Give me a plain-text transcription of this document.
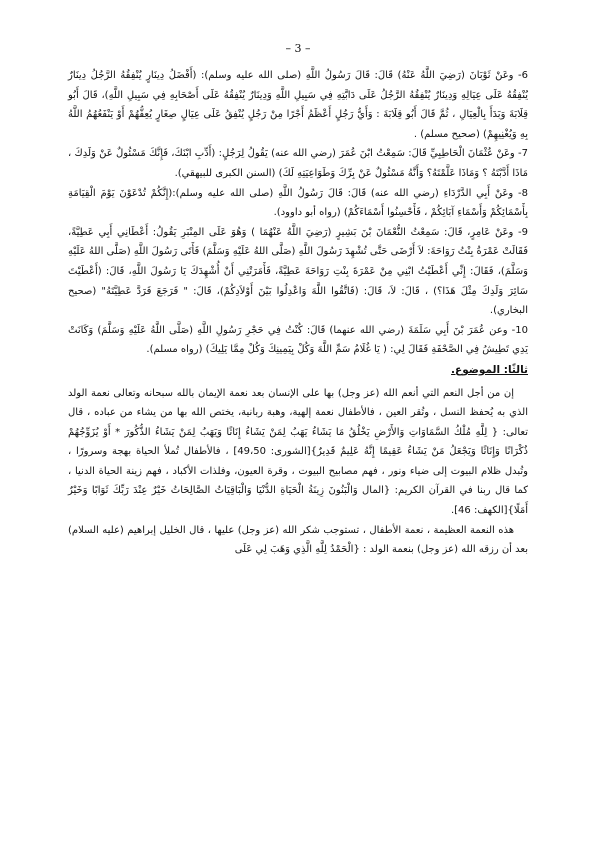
– 3 –

6- وعَنْ ثَوْبَانَ (رَضِيَ اللَّهُ عَنْهُ) قَالَ: قَالَ رَسُولُ اللَّهِ (صلى الله عليه وسلم): (أَفْضَلُ دِينَارٍ يُنْفِقُهُ الرَّجُلُ دِينَارٌ يُنْفِقُهُ عَلَى عِيَالِهِ وَدِينَارٌ يُنْفِقُهُ الرَّجُلُ عَلَى دَابَّتِهِ فِي سَبِيلِ اللَّهِ وَدِينَارٌ يُنْفِقُهُ عَلَى أَصْحَابِهِ فِي سَبِيلِ اللَّهِ)، قَالَ أَبُو قِلَابَةَ وَبَدَأَ بِالْعِيَالِ ، ثُمَّ قَالَ أَبُو قِلَابَةَ : وَأَيُّ رَجُلٍ أَعْظَمُ أَجْرًا مِنْ رَجُلٍ يُنْفِقُ عَلَى عِيَالٍ صِغَارٍ يُعِفُّهُمْ أَوْ يَنْفَعُهُمُ اللَّهُ بِهِ وَيُغْنِيهِمْ) (صحيح مسلم) .

7- وعَنْ عُثْمَانَ الْحَاطِبِيِّ قَالَ: سَمِعْتُ ابْنَ عُمَرَ (رضي الله عنه) يَقُولُ لِرَجُلٍ: (أَدِّبِ ابْنَكَ، فَإِنَّكَ مَسْئُولٌ عَنْ وَلَدِكَ ، مَاذَا أَدَّبْتَهُ ؟ وَمَاذَا عَلَّمْتَهُ؟ وَأَنَّهُ مَسْئُولٌ عَنْ بِرِّكَ وَطَوَاعِيَتِهِ لَكَ) (السنن الكبرى للبيهقي).

8- وعَنْ أَبِي الدَّرْدَاءِ (رضي الله عنه) قَالَ: قَالَ رَسُولُ اللَّهِ (صلى الله عليه وسلم):(إِنَّكُمْ تُدْعَوْنَ يَوْمَ الْقِيَامَةِ بِأَسْمَائِكُمْ وَأَسْمَاءِ آبَائِكُمْ ، فَأَحْسِنُوا أَسْمَاءَكُمْ) (رواه أبو داوود).

9- وعَنْ عَامِرٍ، قَالَ: سَمِعْتُ النُّعْمَانَ بْنَ بَشِيرٍ (رَضِيَ اللَّهُ عَنْهُمَا ) وَهُوَ عَلَى المِنْبَرِ يَقُولُ: أَعْطَانِي أَبِي عَطِيَّةً، فَقَالَتْ عَمْرَةُ بِنْتُ رَوَاحَةَ: لاَ أَرْضَى حَتَّى تُشْهِدَ رَسُولَ اللَّهِ (صَلَّى اللهُ عَلَيْهِ وَسَلَّمَ) فَأَتَى رَسُولَ اللَّهِ (صَلَّى اللهُ عَلَيْهِ وَسَلَّمَ)، فَقَالَ: إِنِّي أَعْطَيْتُ ابْنِي مِنْ عَمْرَةَ بِنْتِ رَوَاحَةَ عَطِيَّةً، فَأَمَرَتْنِي أَنْ أُشْهِدَكَ يَا رَسُولَ اللَّهِ، قَالَ: (أَعْطَيْتَ سَائِرَ وَلَدِكَ مِثْلَ هَذَا؟) ، قَالَ: لاَ، قَالَ: (فَاتَّقُوا اللَّهَ وَاعْدِلُوا بَيْنَ أَوْلاَدِكُمْ)، قَالَ: " فَرَجَعَ فَرَدَّ عَطِيَّتَهُ" (صحيح البخاري).

10- وعن عُمَرَ بْنَ أَبِي سَلَمَةَ (رضي الله عنهما) قَالَ: كُنْتُ فِي حَجْرِ رَسُولِ اللَّهِ (صَلَّى اللَّهُ عَلَيْهِ وَسَلَّمَ) وَكَانَتْ يَدِي تَطِيشُ فِي الصَّحْفَةِ فَقَالَ لِي: ( يَا غُلَامُ سَمِّ اللَّهَ وَكُلْ بِيَمِينِكَ وَكُلْ مِمَّا يَلِيكَ) (رواه مسلم).

ثالثًا: الموضوع.

إن من أجل النعم التي أنعم الله (عز وجل) بها على الإنسان بعد نعمة الإيمان بالله سبحانه وتعالى نعمة الولد الذي به يُحفظ النسل ، وتُقر العين ، فالأطفال نعمة إلهية، وهبة ربانية، يختص الله بها من يشاء من عباده ، قال تعالى: { لِلَّهِ مُلْكُ السَّمَاوَاتِ وَالأَرْضِ يَخْلُقُ مَا يَشَاءُ يَهَبُ لِمَنْ يَشَاءُ إِنَاثًا وَيَهَبُ لِمَنْ يَشَاءُ الذُّكُورَ * أَوْ يُزَوِّجُهُمْ ذُكْرَانًا وَإِنَاثًا وَيَجْعَلُ مَنْ يَشَاءُ عَقِيمًا إِنَّهُ عَلِيمٌ قَدِيرٌ}[الشورى: 49،50] ، فالأطفال تُملأ الحياة بهجة وسرورًا ، وتُبدل ظلام البيوت إلى ضياء ونور ، فهم مصابيح البيوت ، وقرة العيون، وفلذات الأكباد ، فهم زينة الحياة الدنيا ، كما قال ربنا في القرآن الكريم: {المال وَالْبَنُونَ زِينَةُ الْحَيَاةِ الدُّنْيَا وَالْبَاقِيَاتُ الصَّالِحَاتُ خَيْرٌ عِنْدَ رَبِّكَ ثَوَابًا وَخَيْرٌ أَمَلًا}[الكهف: 46].

هذه النعمة العظيمة ، نعمة الأطفال ، تستوجب شكر الله (عز وجل) عليها ، قال الخليل إبراهيم (عليه السلام) بعد أن رزقه الله (عز وجل) بنعمة الولد : {الْحَمْدُ لِلَّهِ الَّذِي وَهَبَ لِي عَلَى
